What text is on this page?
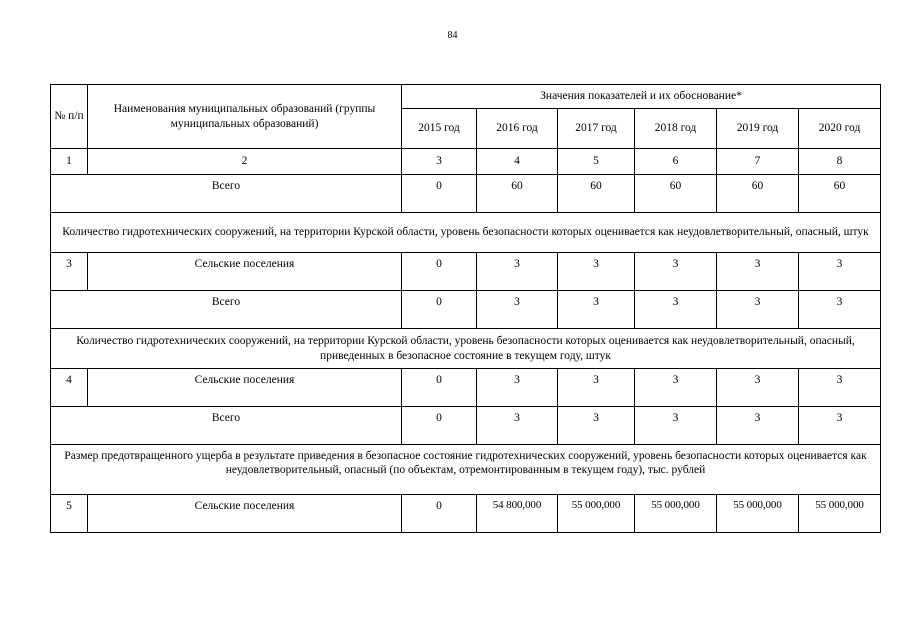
84
№ п/п	Наименования муниципальных образований (группы муниципальных образований)	Значения показателей и их обоснование*					
		2015 год	2016 год	2017 год	2018 год	2019 год	2020 год
1	2	3	4	5	6	7	8
Всего		0	60	60	60	60	60
Количество гидротехнических сооружений, на территории Курской области, уровень безопасности которых оценивается как неудовлетворительный, опасный, штук							
3	Сельские поселения	0	3	3	3	3	3
Всего		0	3	3	3	3	3
Количество гидротехнических сооружений, на территории Курской области, уровень безопасности которых оценивается как неудовлетворительный, опасный, приведенных в безопасное состояние в текущем году, штук							
4	Сельские поселения	0	3	3	3	3	3
Всего		0	3	3	3	3	3
Размер предотвращенного ущерба в результате приведения в безопасное состояние гидротехнических сооружений, уровень безопасности которых оценивается как неудовлетворительный, опасный (по объектам, отремонтированным в текущем году), тыс. рублей							
5	Сельские поселения	0	54 800,000	55 000,000	55 000,000	55 000,000	55 000,000
